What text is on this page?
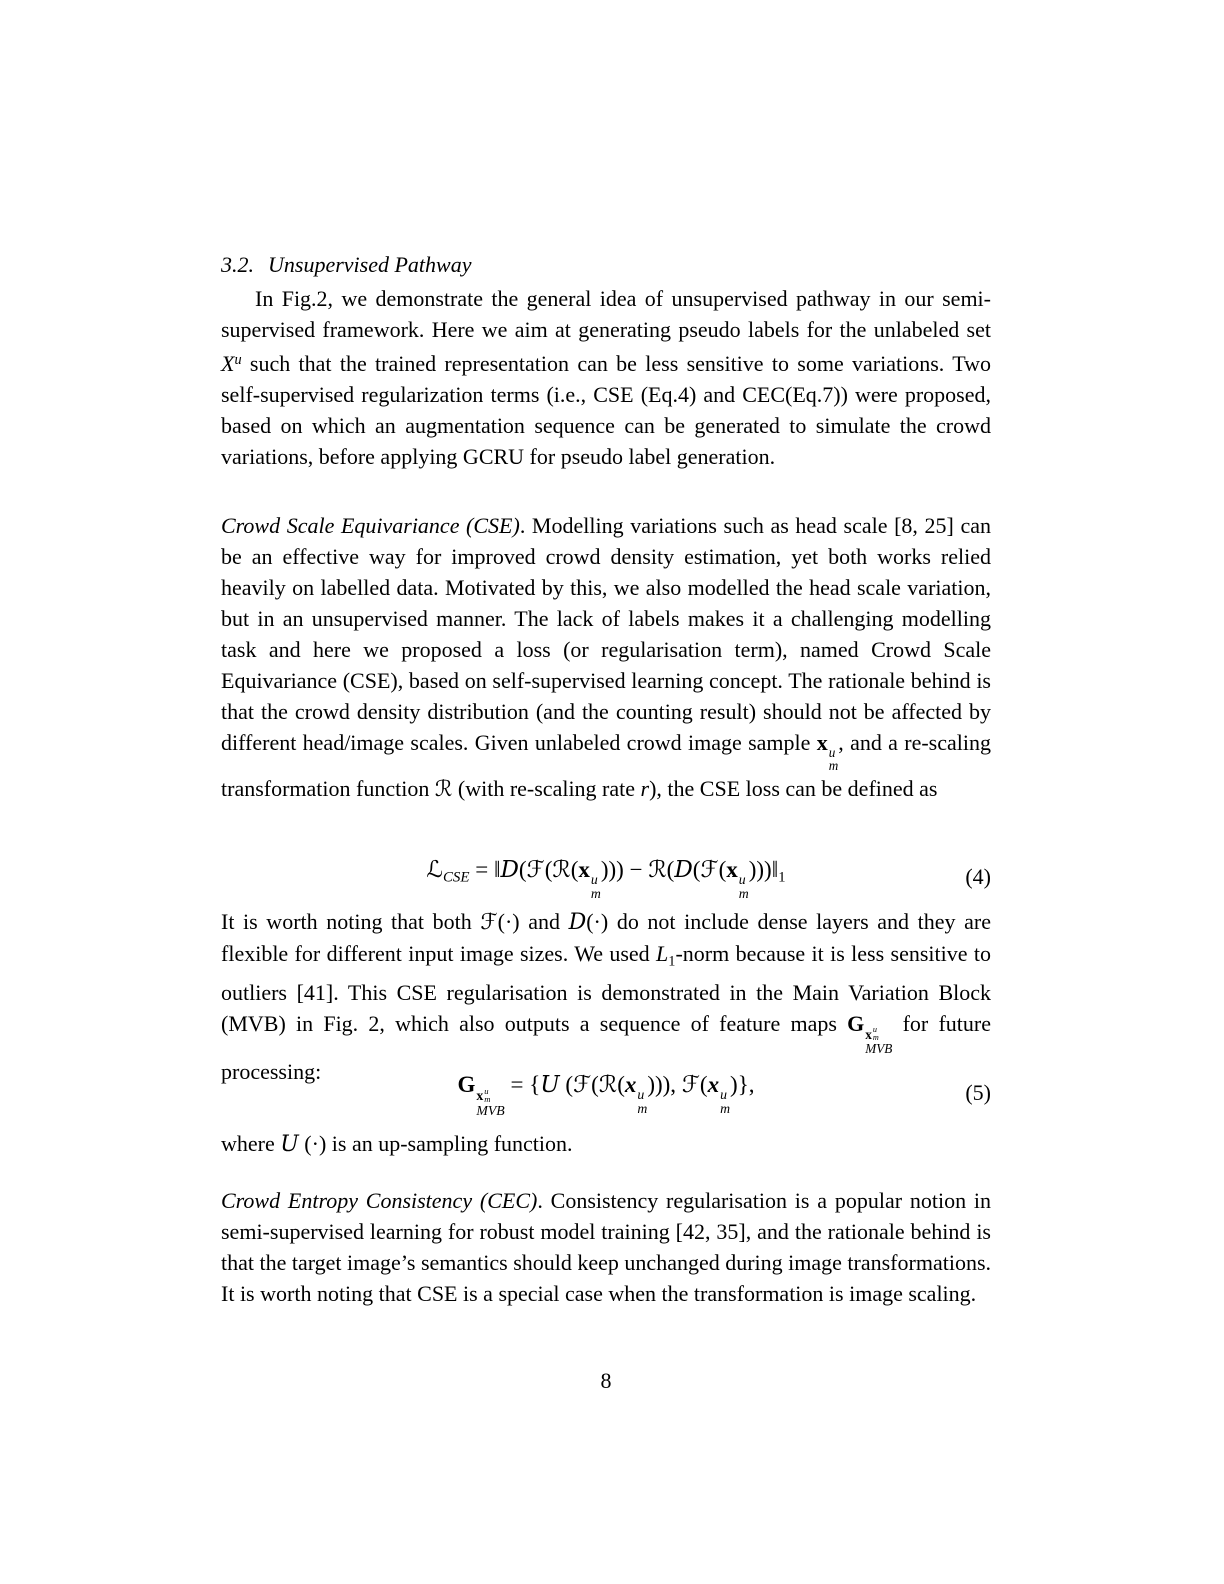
3.2. Unsupervised Pathway
In Fig.2, we demonstrate the general idea of unsupervised pathway in our semi-supervised framework. Here we aim at generating pseudo labels for the unlabeled set $X^u$ such that the trained representation can be less sensitive to some variations. Two self-supervised regularization terms (i.e., CSE (Eq.4) and CEC(Eq.7)) were proposed, based on which an augmentation sequence can be generated to simulate the crowd variations, before applying GCRU for pseudo label generation.
Crowd Scale Equivariance (CSE). Modelling variations such as head scale [8, 25] can be an effective way for improved crowd density estimation, yet both works relied heavily on labelled data. Motivated by this, we also modelled the head scale variation, but in an unsupervised manner. The lack of labels makes it a challenging modelling task and here we proposed a loss (or regularisation term), named Crowd Scale Equivariance (CSE), based on self-supervised learning concept. The rationale behind is that the crowd density distribution (and the counting result) should not be affected by different head/image scales. Given unlabeled crowd image sample x u
m
, and a re-scaling transformation function ℛ (with re-scaling rate r), the CSE loss can be defined as
ℒCSE = ‖D(ℱ(ℛ(x u
m
))) − ℛ(D(ℱ(x u
m
)))‖1	(4)
It is worth noting that both ℱ(·) and D(·) do not include dense layers and they are flexible for different input image sizes. We used L1-norm because it is less sensitive to outliers [41]. This CSE regularisation is demonstrated in the Main Variation Block (MVB) in Fig. 2, which also outputs a sequence of feature maps G x u
m
MVB
for future processing:
G x u
m
MVB
= {U (ℱ(ℛ(x u
m
))), ℱ(x u
m
)},	(5)
where U (·) is an up-sampling function.
Crowd Entropy Consistency (CEC). Consistency regularisation is a popular notion in semi-supervised learning for robust model training [42, 35], and the rationale behind is that the target image’s semantics should keep unchanged during image transformations. It is worth noting that CSE is a special case when the transformation is image scaling.
8
